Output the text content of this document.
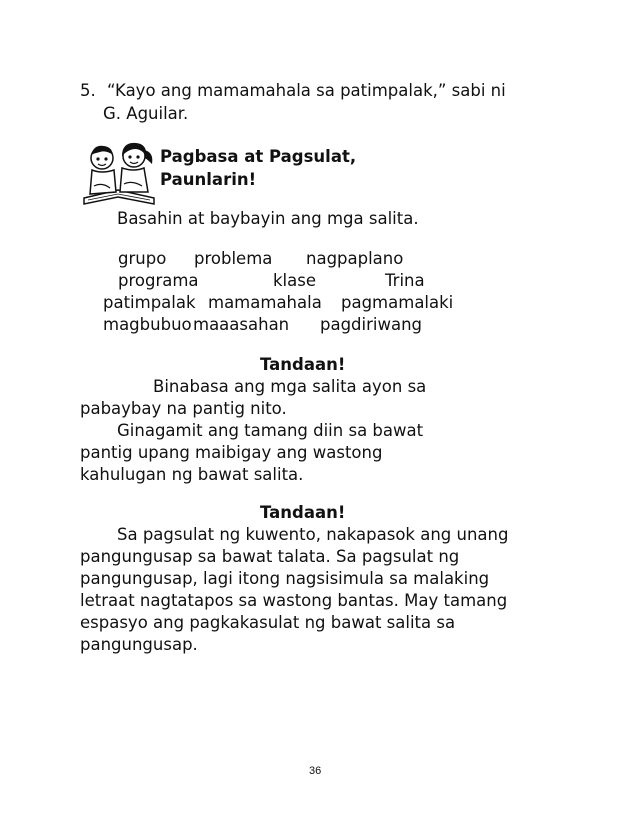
5. “Kayo ang mamamahala sa patimpalak,” sabi ni
G. Aguilar.
Pagbasa at Pagsulat,
Paunlarin!
Basahin at baybayin ang mga salita.
grupo problema nagpaplano
programa	klase	Trina
patimpalak mamamahala pagmamalaki
magbubuo maaasahan pagdiriwang
Tandaan!
Binabasa ang mga salita ayon sa
pabaybay na pantig nito.
Ginagamit ang tamang diin sa bawat
pantig upang maibigay ang wastong
kahulugan ng bawat salita.
Tandaan!
Sa pagsulat ng kuwento, nakapasok ang unang
pangungusap sa bawat talata. Sa pagsulat ng
pangungusap, lagi itong nagsisimula sa malaking
letraat nagtatapos sa wastong bantas. May tamang
espasyo ang pagkakasulat ng bawat salita sa
pangungusap.
36
